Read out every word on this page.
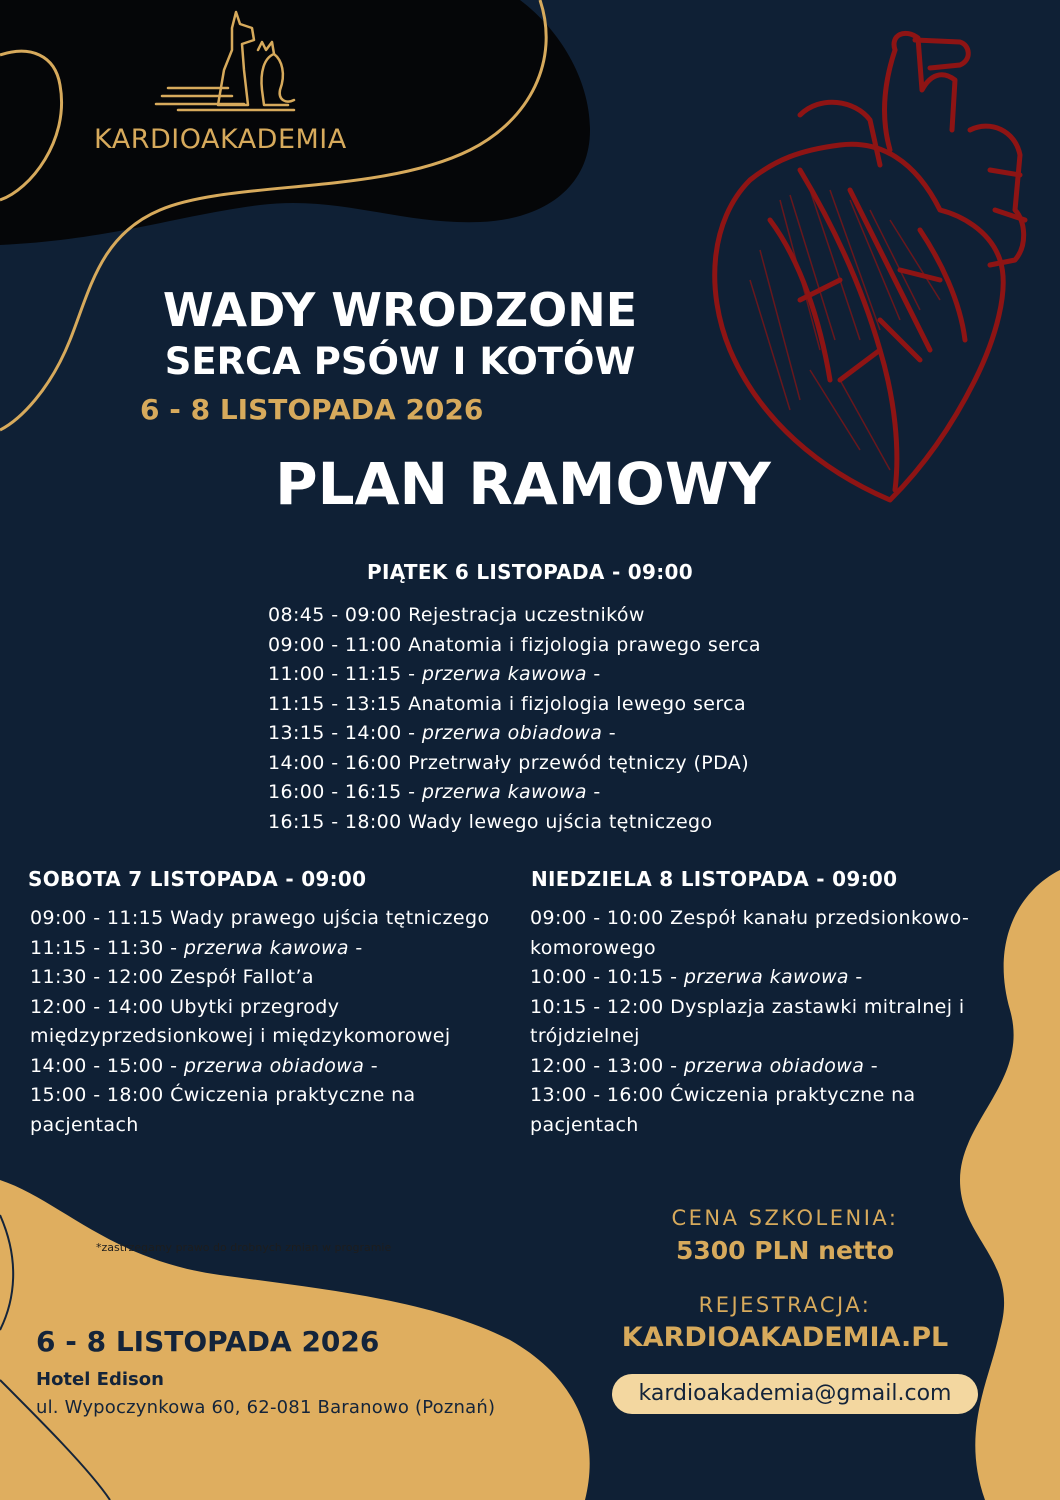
KARDIOAKADEMIA
WADY WRODZONE
SERCA PSÓW I KOTÓW
6 - 8 LISTOPADA 2026
PLAN RAMOWY
PIĄTEK 6 LISTOPADA - 09:00
08:45 - 09:00 Rejestracja uczestników
09:00 - 11:00 Anatomia i fizjologia prawego serca
11:00 - 11:15 - przerwa kawowa -
11:15 - 13:15 Anatomia i fizjologia lewego serca
13:15 - 14:00 - przerwa obiadowa -
14:00 - 16:00 Przetrwały przewód tętniczy (PDA)
16:00 - 16:15 - przerwa kawowa -
16:15 - 18:00 Wady lewego ujścia tętniczego
SOBOTA 7 LISTOPADA - 09:00
09:00 - 11:15 Wady prawego ujścia tętniczego
11:15 - 11:30 - przerwa kawowa -
11:30 - 12:00 Zespół Fallot’a
12:00 - 14:00 Ubytki przegrody międzyprzedsionkowej i międzykomorowej
14:00 - 15:00 - przerwa obiadowa -
15:00 - 18:00 Ćwiczenia praktyczne na pacjentach
NIEDZIELA 8 LISTOPADA - 09:00
09:00 - 10:00 Zespół kanału przedsionkowo-komorowego
10:00 - 10:15 - przerwa kawowa -
10:15 - 12:00 Dysplazja zastawki mitralnej i trójdzielnej
12:00 - 13:00 - przerwa obiadowa -
13:00 - 16:00 Ćwiczenia praktyczne na pacjentach
*zastrzegamy prawo do drobnych zmian w programie
6 - 8 LISTOPADA 2026
Hotel Edison
ul. Wypoczynkowa 60, 62-081 Baranowo (Poznań)
CENA SZKOLENIA:
5300 PLN netto
REJESTRACJA:
KARDIOAKADEMIA.PL
kardioakademia@gmail.com
